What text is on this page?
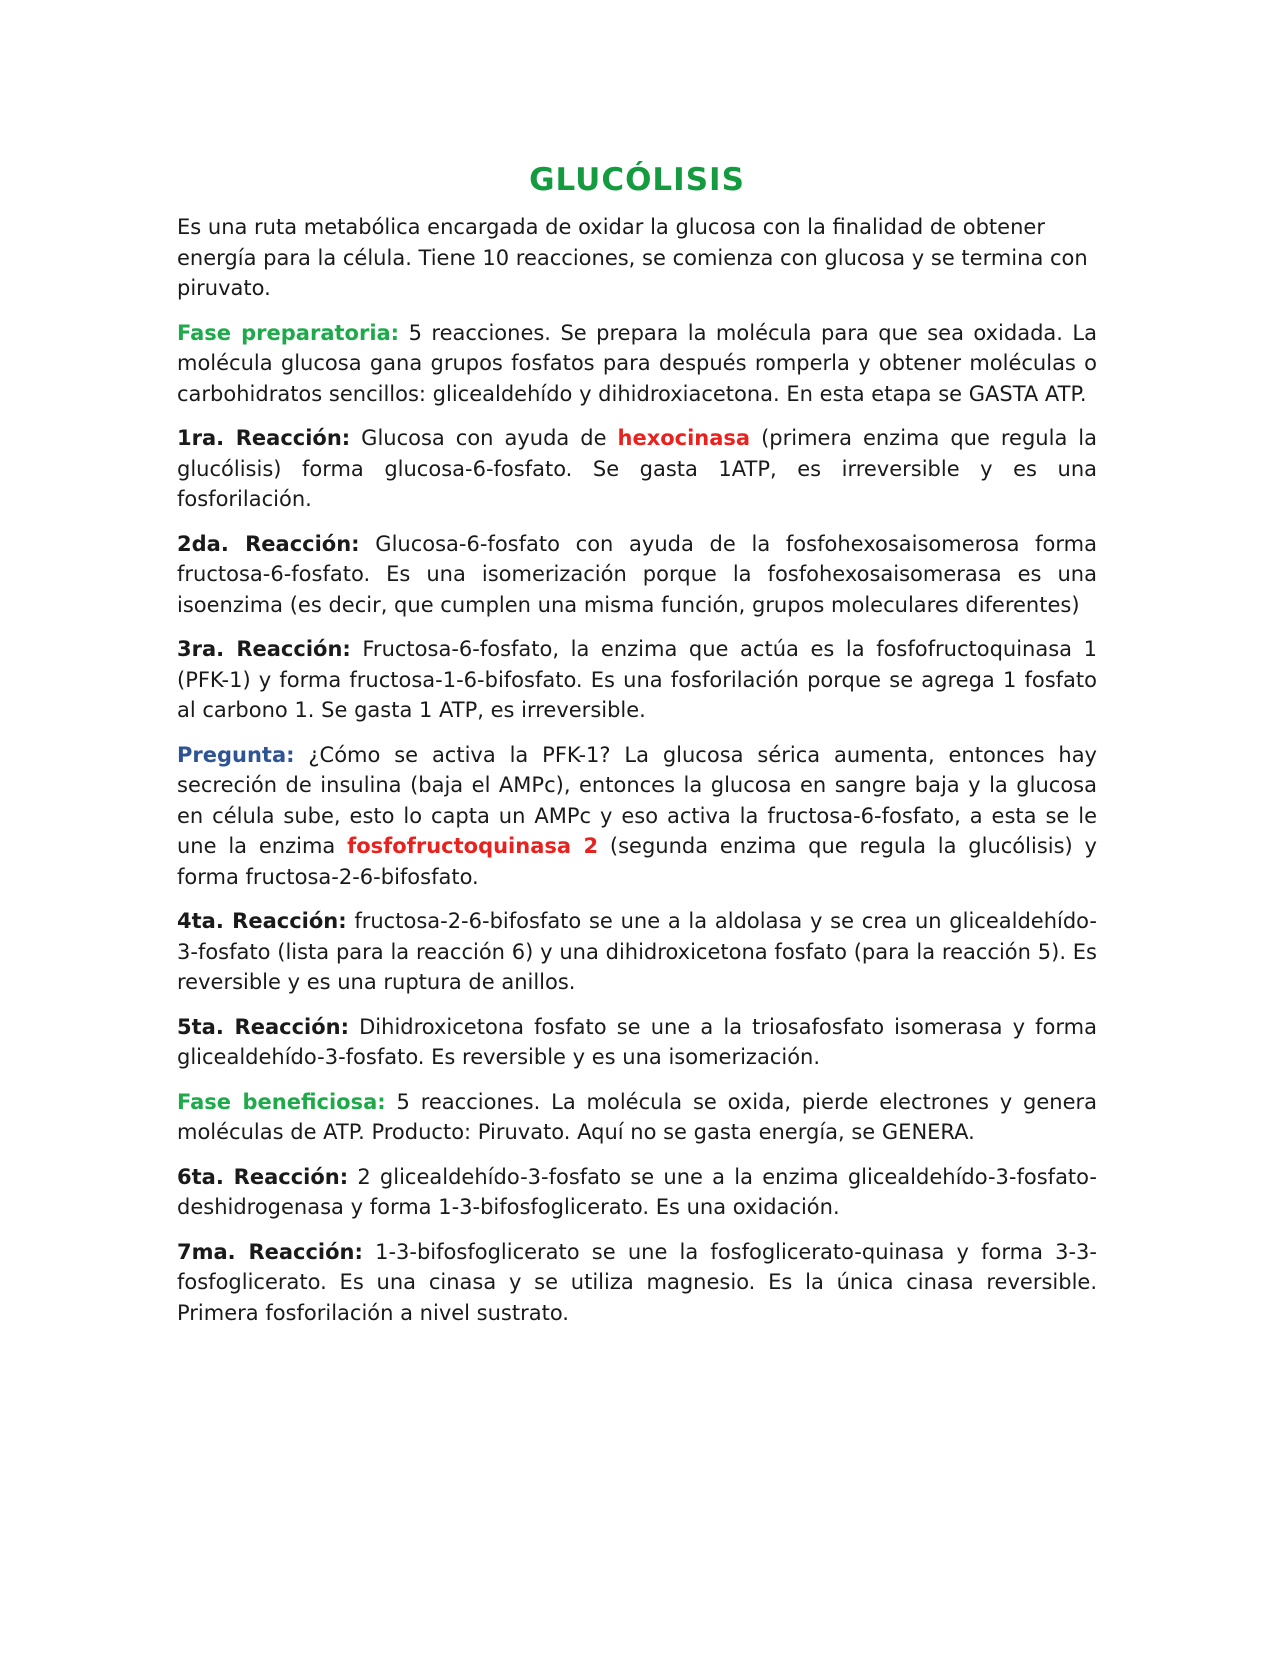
glucólisis

Es una ruta metabólica encargada de oxidar la glucosa con la finalidad de obtener energía para la célula. Tiene 10 reacciones, se comienza con glucosa y se termina con piruvato.

Fase preparatoria: 5 reacciones. Se prepara la molécula para que sea oxidada. La molécula glucosa gana grupos fosfatos para después romperla y obtener moléculas o carbohidratos sencillos: glicealdehído y dihidroxiacetona. En esta etapa se GASTA ATP.

1ra. Reacción: Glucosa con ayuda de hexocinasa (primera enzima que regula la glucólisis) forma glucosa-6-fosfato. Se gasta 1ATP, es irreversible y es una fosforilación.

2da. Reacción: Glucosa-6-fosfato con ayuda de la fosfohexosaisomerosa forma fructosa-6-fosfato. Es una isomerización porque la fosfohexosaisomerasa es una isoenzima (es decir, que cumplen una misma función, grupos moleculares diferentes)

3ra. Reacción: Fructosa-6-fosfato, la enzima que actúa es la fosfofructoquinasa 1 (PFK-1) y forma fructosa-1-6-bifosfato. Es una fosforilación porque se agrega 1 fosfato al carbono 1. Se gasta 1 ATP, es irreversible.

Pregunta: ¿Cómo se activa la PFK-1? La glucosa sérica aumenta, entonces hay secreción de insulina (baja el AMPc), entonces la glucosa en sangre baja y la glucosa en célula sube, esto lo capta un AMPc y eso activa la fructosa-6-fosfato, a esta se le une la enzima fosfofructoquinasa 2 (segunda enzima que regula la glucólisis) y forma fructosa-2-6-bifosfato.

4ta. Reacción: fructosa-2-6-bifosfato se une a la aldolasa y se crea un glicealdehído-3-fosfato (lista para la reacción 6) y una dihidroxicetona fosfato (para la reacción 5). Es reversible y es una ruptura de anillos.

5ta. Reacción: Dihidroxicetona fosfato se une a la triosafosfato isomerasa y forma glicealdehído-3-fosfato. Es reversible y es una isomerización.

Fase beneficiosa: 5 reacciones. La molécula se oxida, pierde electrones y genera moléculas de ATP. Producto: Piruvato. Aquí no se gasta energía, se GENERA.

6ta. Reacción: 2 glicealdehído-3-fosfato se une a la enzima glicealdehído-3-fosfato-deshidrogenasa y forma 1-3-bifosfoglicerato. Es una oxidación.

7ma. Reacción: 1-3-bifosfoglicerato se une la fosfoglicerato-quinasa y forma 3-3-fosfoglicerato. Es una cinasa y se utiliza magnesio. Es la única cinasa reversible. Primera fosforilación a nivel sustrato.
